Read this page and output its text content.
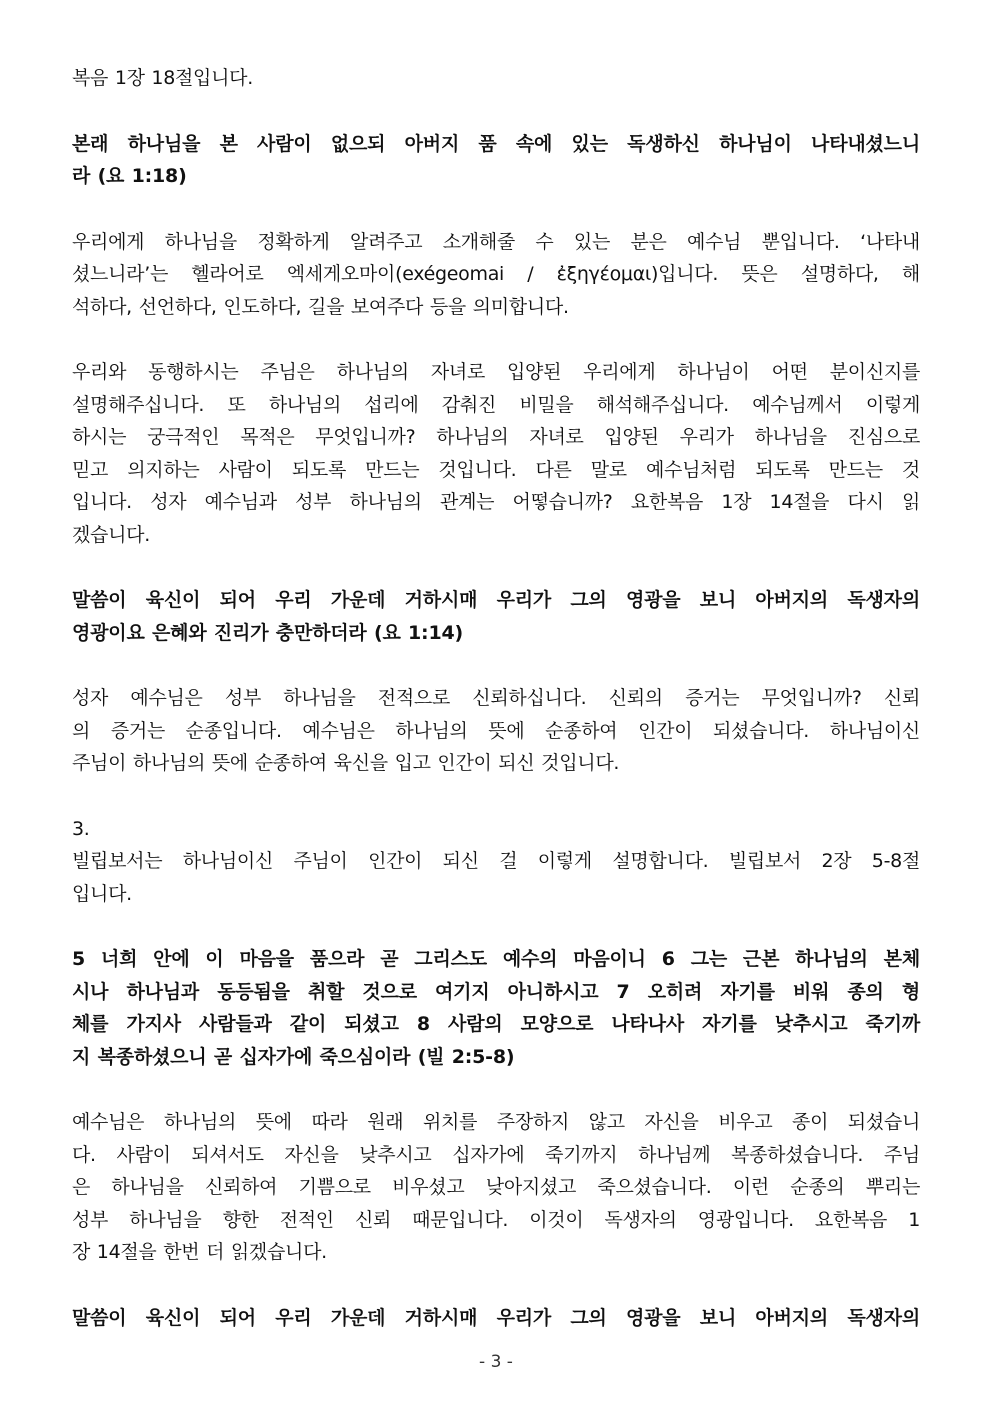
복음 1장 18절입니다.
본래 하나님을 본 사람이 없으되 아버지 품 속에 있는 독생하신 하나님이 나타내셨느니
라 (요 1:18)
우리에게 하나님을 정확하게 알려주고 소개해줄 수 있는 분은 예수님 뿐입니다. ‘나타내
셨느니라’는 헬라어로 엑세게오마이(exégeomai / ἐξηγέομαι)입니다. 뜻은 설명하다, 해
석하다, 선언하다, 인도하다, 길을 보여주다 등을 의미합니다.
우리와 동행하시는 주님은 하나님의 자녀로 입양된 우리에게 하나님이 어떤 분이신지를
설명해주십니다. 또 하나님의 섭리에 감춰진 비밀을 해석해주십니다. 예수님께서 이렇게
하시는 궁극적인 목적은 무엇입니까? 하나님의 자녀로 입양된 우리가 하나님을 진심으로
믿고 의지하는 사람이 되도록 만드는 것입니다. 다른 말로 예수님처럼 되도록 만드는 것
입니다. 성자 예수님과 성부 하나님의 관계는 어떻습니까? 요한복음 1장 14절을 다시 읽
겠습니다.
말씀이 육신이 되어 우리 가운데 거하시매 우리가 그의 영광을 보니 아버지의 독생자의
영광이요 은혜와 진리가 충만하더라 (요 1:14)
성자 예수님은 성부 하나님을 전적으로 신뢰하십니다. 신뢰의 증거는 무엇입니까? 신뢰
의 증거는 순종입니다. 예수님은 하나님의 뜻에 순종하여 인간이 되셨습니다. 하나님이신
주님이 하나님의 뜻에 순종하여 육신을 입고 인간이 되신 것입니다.
3.
빌립보서는 하나님이신 주님이 인간이 되신 걸 이렇게 설명합니다. 빌립보서 2장 5-8절
입니다.
5 너희 안에 이 마음을 품으라 곧 그리스도 예수의 마음이니 6 그는 근본 하나님의 본체
시나 하나님과 동등됨을 취할 것으로 여기지 아니하시고 7 오히려 자기를 비워 종의 형
체를 가지사 사람들과 같이 되셨고 8 사람의 모양으로 나타나사 자기를 낮추시고 죽기까
지 복종하셨으니 곧 십자가에 죽으심이라 (빌 2:5-8)
예수님은 하나님의 뜻에 따라 원래 위치를 주장하지 않고 자신을 비우고 종이 되셨습니
다. 사람이 되셔서도 자신을 낮추시고 십자가에 죽기까지 하나님께 복종하셨습니다. 주님
은 하나님을 신뢰하여 기쁨으로 비우셨고 낮아지셨고 죽으셨습니다. 이런 순종의 뿌리는
성부 하나님을 향한 전적인 신뢰 때문입니다. 이것이 독생자의 영광입니다. 요한복음 1
장 14절을 한번 더 읽겠습니다.
말씀이 육신이 되어 우리 가운데 거하시매 우리가 그의 영광을 보니 아버지의 독생자의
- 3 -
